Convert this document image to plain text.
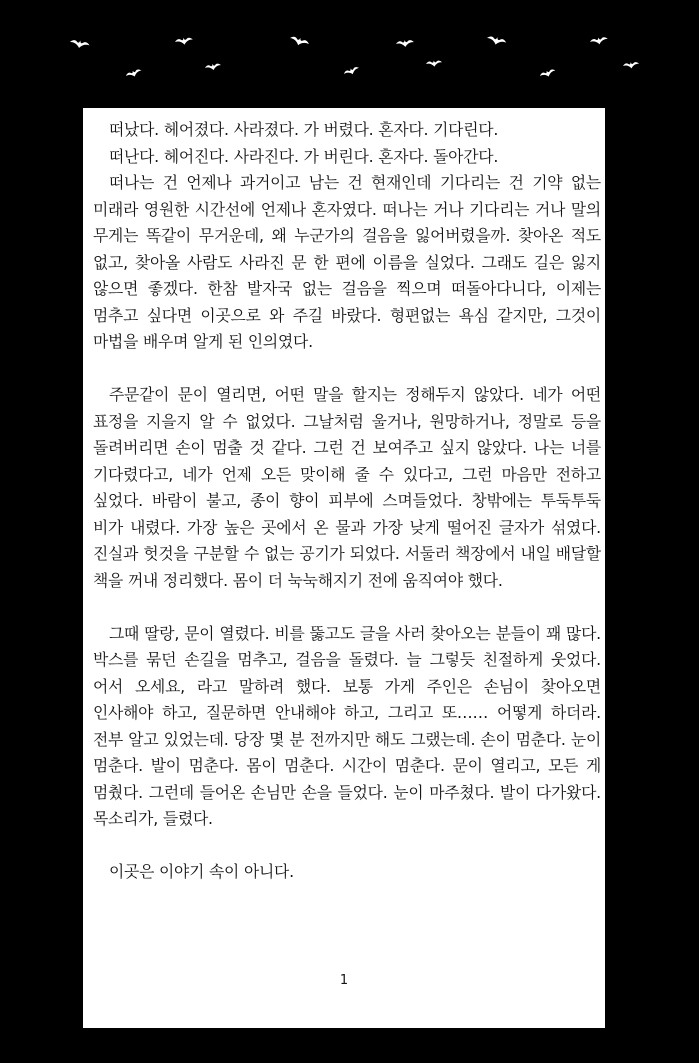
떠났다. 헤어졌다. 사라졌다. 가 버렸다. 혼자다. 기다린다.

떠난다. 헤어진다. 사라진다. 가 버린다. 혼자다. 돌아간다.

떠나는 건 언제나 과거이고 남는 건 현재인데 기다리는 건 기약 없는 미래라 영원한 시간선에 언제나 혼자였다. 떠나는 거나 기다리는 거나 말의 무게는 똑같이 무거운데, 왜 누군가의 걸음을 잃어버렸을까. 찾아온 적도 없고, 찾아올 사람도 사라진 문 한 편에 이름을 실었다. 그래도 길은 잃지 않으면 좋겠다. 한참 발자국 없는 걸음을 찍으며 떠돌아다니다, 이제는 멈추고 싶다면 이곳으로 와 주길 바랐다. 형편없는 욕심 같지만, 그것이 마법을 배우며 알게 된 인의였다.

주문같이 문이 열리면, 어떤 말을 할지는 정해두지 않았다. 네가 어떤 표정을 지을지 알 수 없었다. 그날처럼 울거나, 원망하거나, 정말로 등을 돌려버리면 손이 멈출 것 같다. 그런 건 보여주고 싶지 않았다. 나는 너를 기다렸다고, 네가 언제 오든 맞이해 줄 수 있다고, 그런 마음만 전하고 싶었다. 바람이 불고, 종이 향이 피부에 스며들었다. 창밖에는 투둑투둑 비가 내렸다. 가장 높은 곳에서 온 물과 가장 낮게 떨어진 글자가 섞였다. 진실과 헛것을 구분할 수 없는 공기가 되었다. 서둘러 책장에서 내일 배달할 책을 꺼내 정리했다. 몸이 더 눅눅해지기 전에 움직여야 했다.

그때 딸랑, 문이 열렸다. 비를 뚫고도 글을 사러 찾아오는 분들이 꽤 많다. 박스를 묶던 손길을 멈추고, 걸음을 돌렸다. 늘 그렇듯 친절하게 웃었다. 어서 오세요, 라고 말하려 했다. 보통 가게 주인은 손님이 찾아오면 인사해야 하고, 질문하면 안내해야 하고, 그리고 또…… 어떻게 하더라. 전부 알고 있었는데. 당장 몇 분 전까지만 해도 그랬는데. 손이 멈춘다. 눈이 멈춘다. 발이 멈춘다. 몸이 멈춘다. 시간이 멈춘다. 문이 열리고, 모든 게 멈췄다. 그런데 들어온 손님만 손을 들었다. 눈이 마주쳤다. 발이 다가왔다. 목소리가, 들렸다.

이곳은 이야기 속이 아니다.

1
